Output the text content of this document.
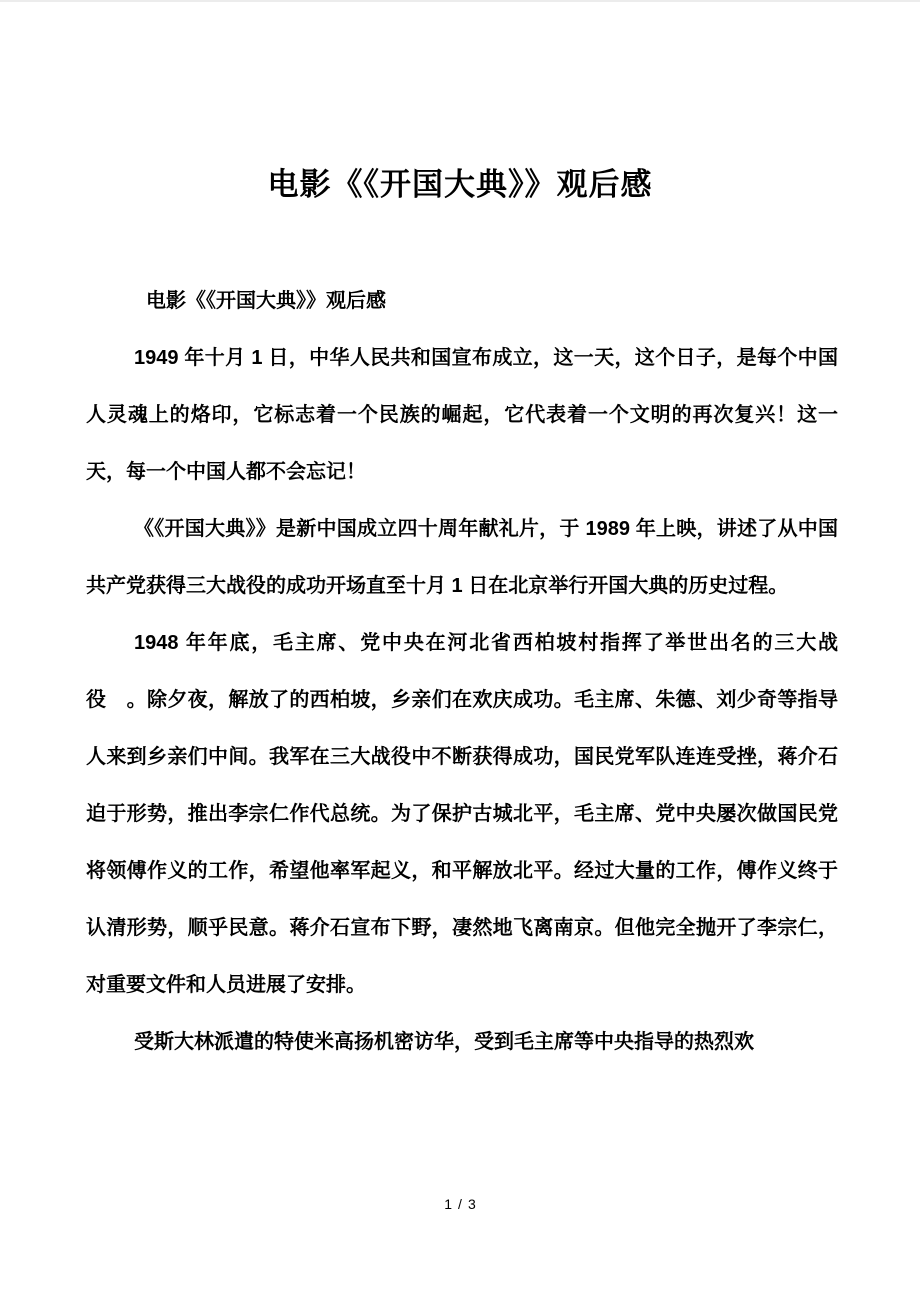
电影《《开国大典》》观后感

电影《《开国大典》》观后感

1949 年十月 1 日，中华人民共和国宣布成立，这一天，这个日子，是每个中国人灵魂上的烙印，它标志着一个民族的崛起，它代表着一个文明的再次复兴！这一天，每一个中国人都不会忘记！

《《开国大典》》是新中国成立四十周年献礼片，于 1989 年上映，讲述了从中国共产党获得三大战役的成功开场直至十月 1 日在北京举行开国大典的历史过程。

1948 年年底，毛主席、党中央在河北省西柏坡村指挥了举世出名的三大战役　。除夕夜，解放了的西柏坡，乡亲们在欢庆成功。毛主席、朱德、刘少奇等指导人来到乡亲们中间。我军在三大战役中不断获得成功，国民党军队连连受挫，蒋介石迫于形势，推出李宗仁作代总统。为了保护古城北平，毛主席、党中央屡次做国民党将领傅作义的工作，希望他率军起义，和平解放北平。经过大量的工作，傅作义终于认清形势，顺乎民意。蒋介石宣布下野，凄然地飞离南京。但他完全抛开了李宗仁，对重要文件和人员进展了安排。

受斯大林派遣的特使米高扬机密访华，受到毛主席等中央指导的热烈欢

1 / 3
